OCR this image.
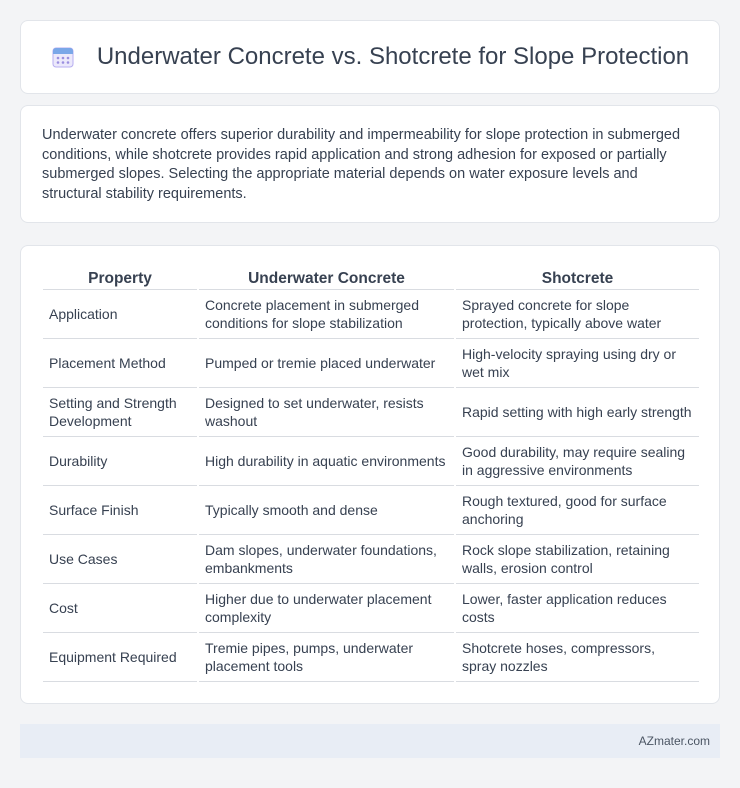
Underwater Concrete vs. Shotcrete for Slope Protection

Underwater concrete offers superior durability and impermeability for slope protection in submerged conditions, while shotcrete provides rapid application and strong adhesion for exposed or partially submerged slopes. Selecting the appropriate material depends on water exposure levels and structural stability requirements.

Property	Underwater Concrete	Shotcrete
Application	Concrete placement in submerged conditions for slope stabilization	Sprayed concrete for slope protection, typically above water
Placement Method	Pumped or tremie placed underwater	High-velocity spraying using dry or wet mix
Setting and Strength Development	Designed to set underwater, resists washout	Rapid setting with high early strength
Durability	High durability in aquatic environments	Good durability, may require sealing in aggressive environments
Surface Finish	Typically smooth and dense	Rough textured, good for surface anchoring
Use Cases	Dam slopes, underwater foundations, embankments	Rock slope stabilization, retaining walls, erosion control
Cost	Higher due to underwater placement complexity	Lower, faster application reduces costs
Equipment Required	Tremie pipes, pumps, underwater placement tools	Shotcrete hoses, compressors, spray nozzles
AZmater.com
